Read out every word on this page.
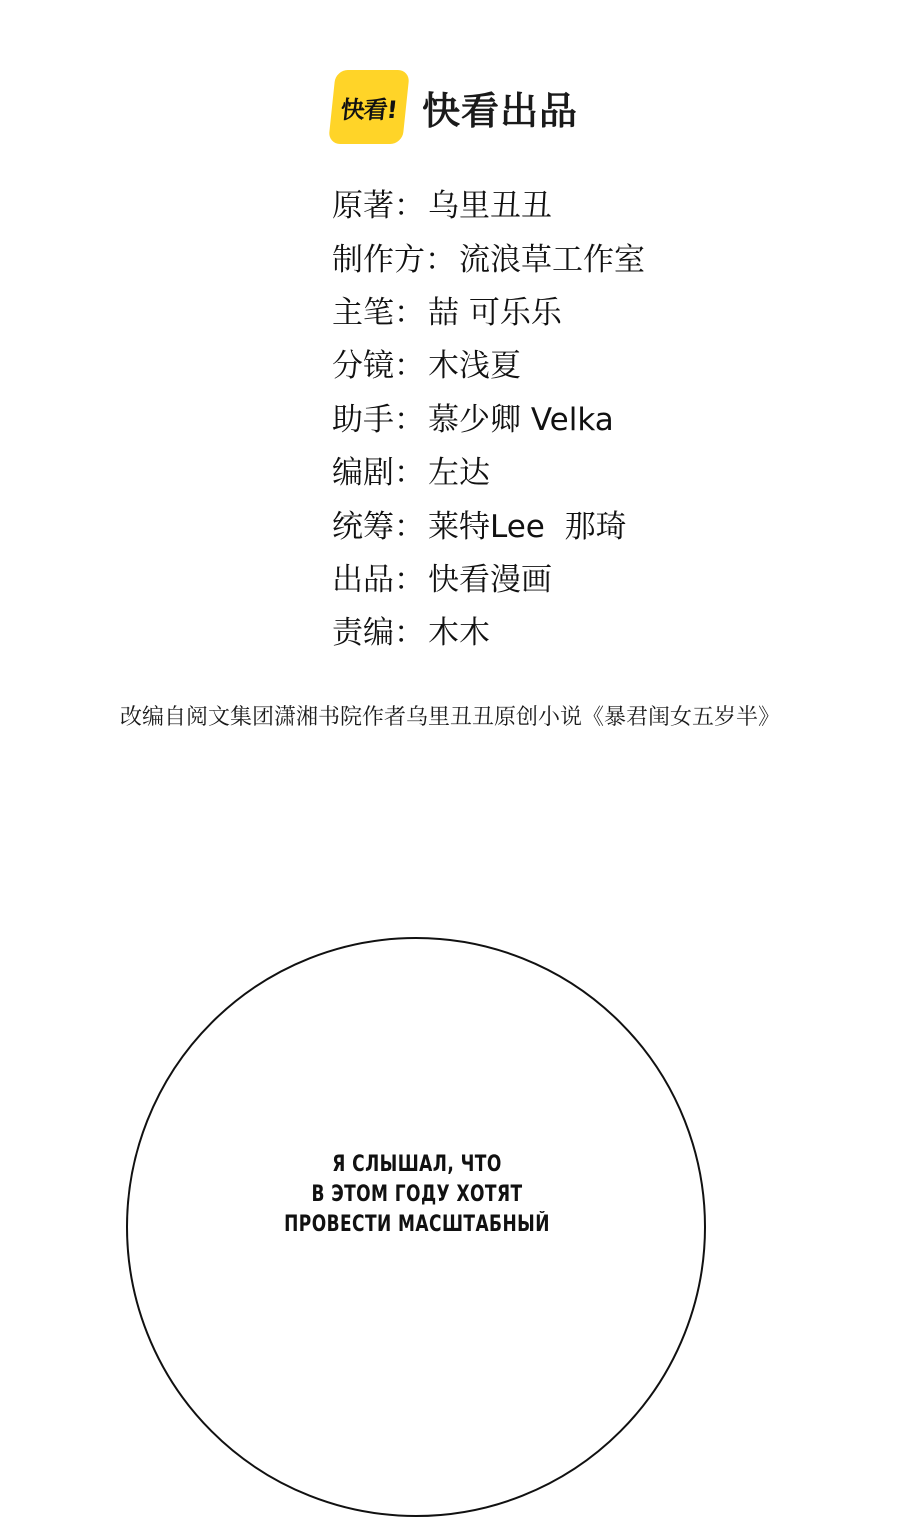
快看! 快看出品
原著 ： 乌里丑丑
制作方 ： 流浪草工作室
主笔 ： 喆 可乐乐
分镜 ： 木浅夏
助手 ： 慕少卿 Velka
编剧 ： 左达
统筹 ： 莱特Lee  那琦
出品 ： 快看漫画
责编 ： 木木
改编自阅文集团潇湘书院作者乌里丑丑原创小说《暴君闺女五岁半》
Я СЛЫШАЛ, ЧТО
В ЭТОМ ГОДУ ХОТЯТ
ПРОВЕСТИ МАСШТАБНЫЙ
